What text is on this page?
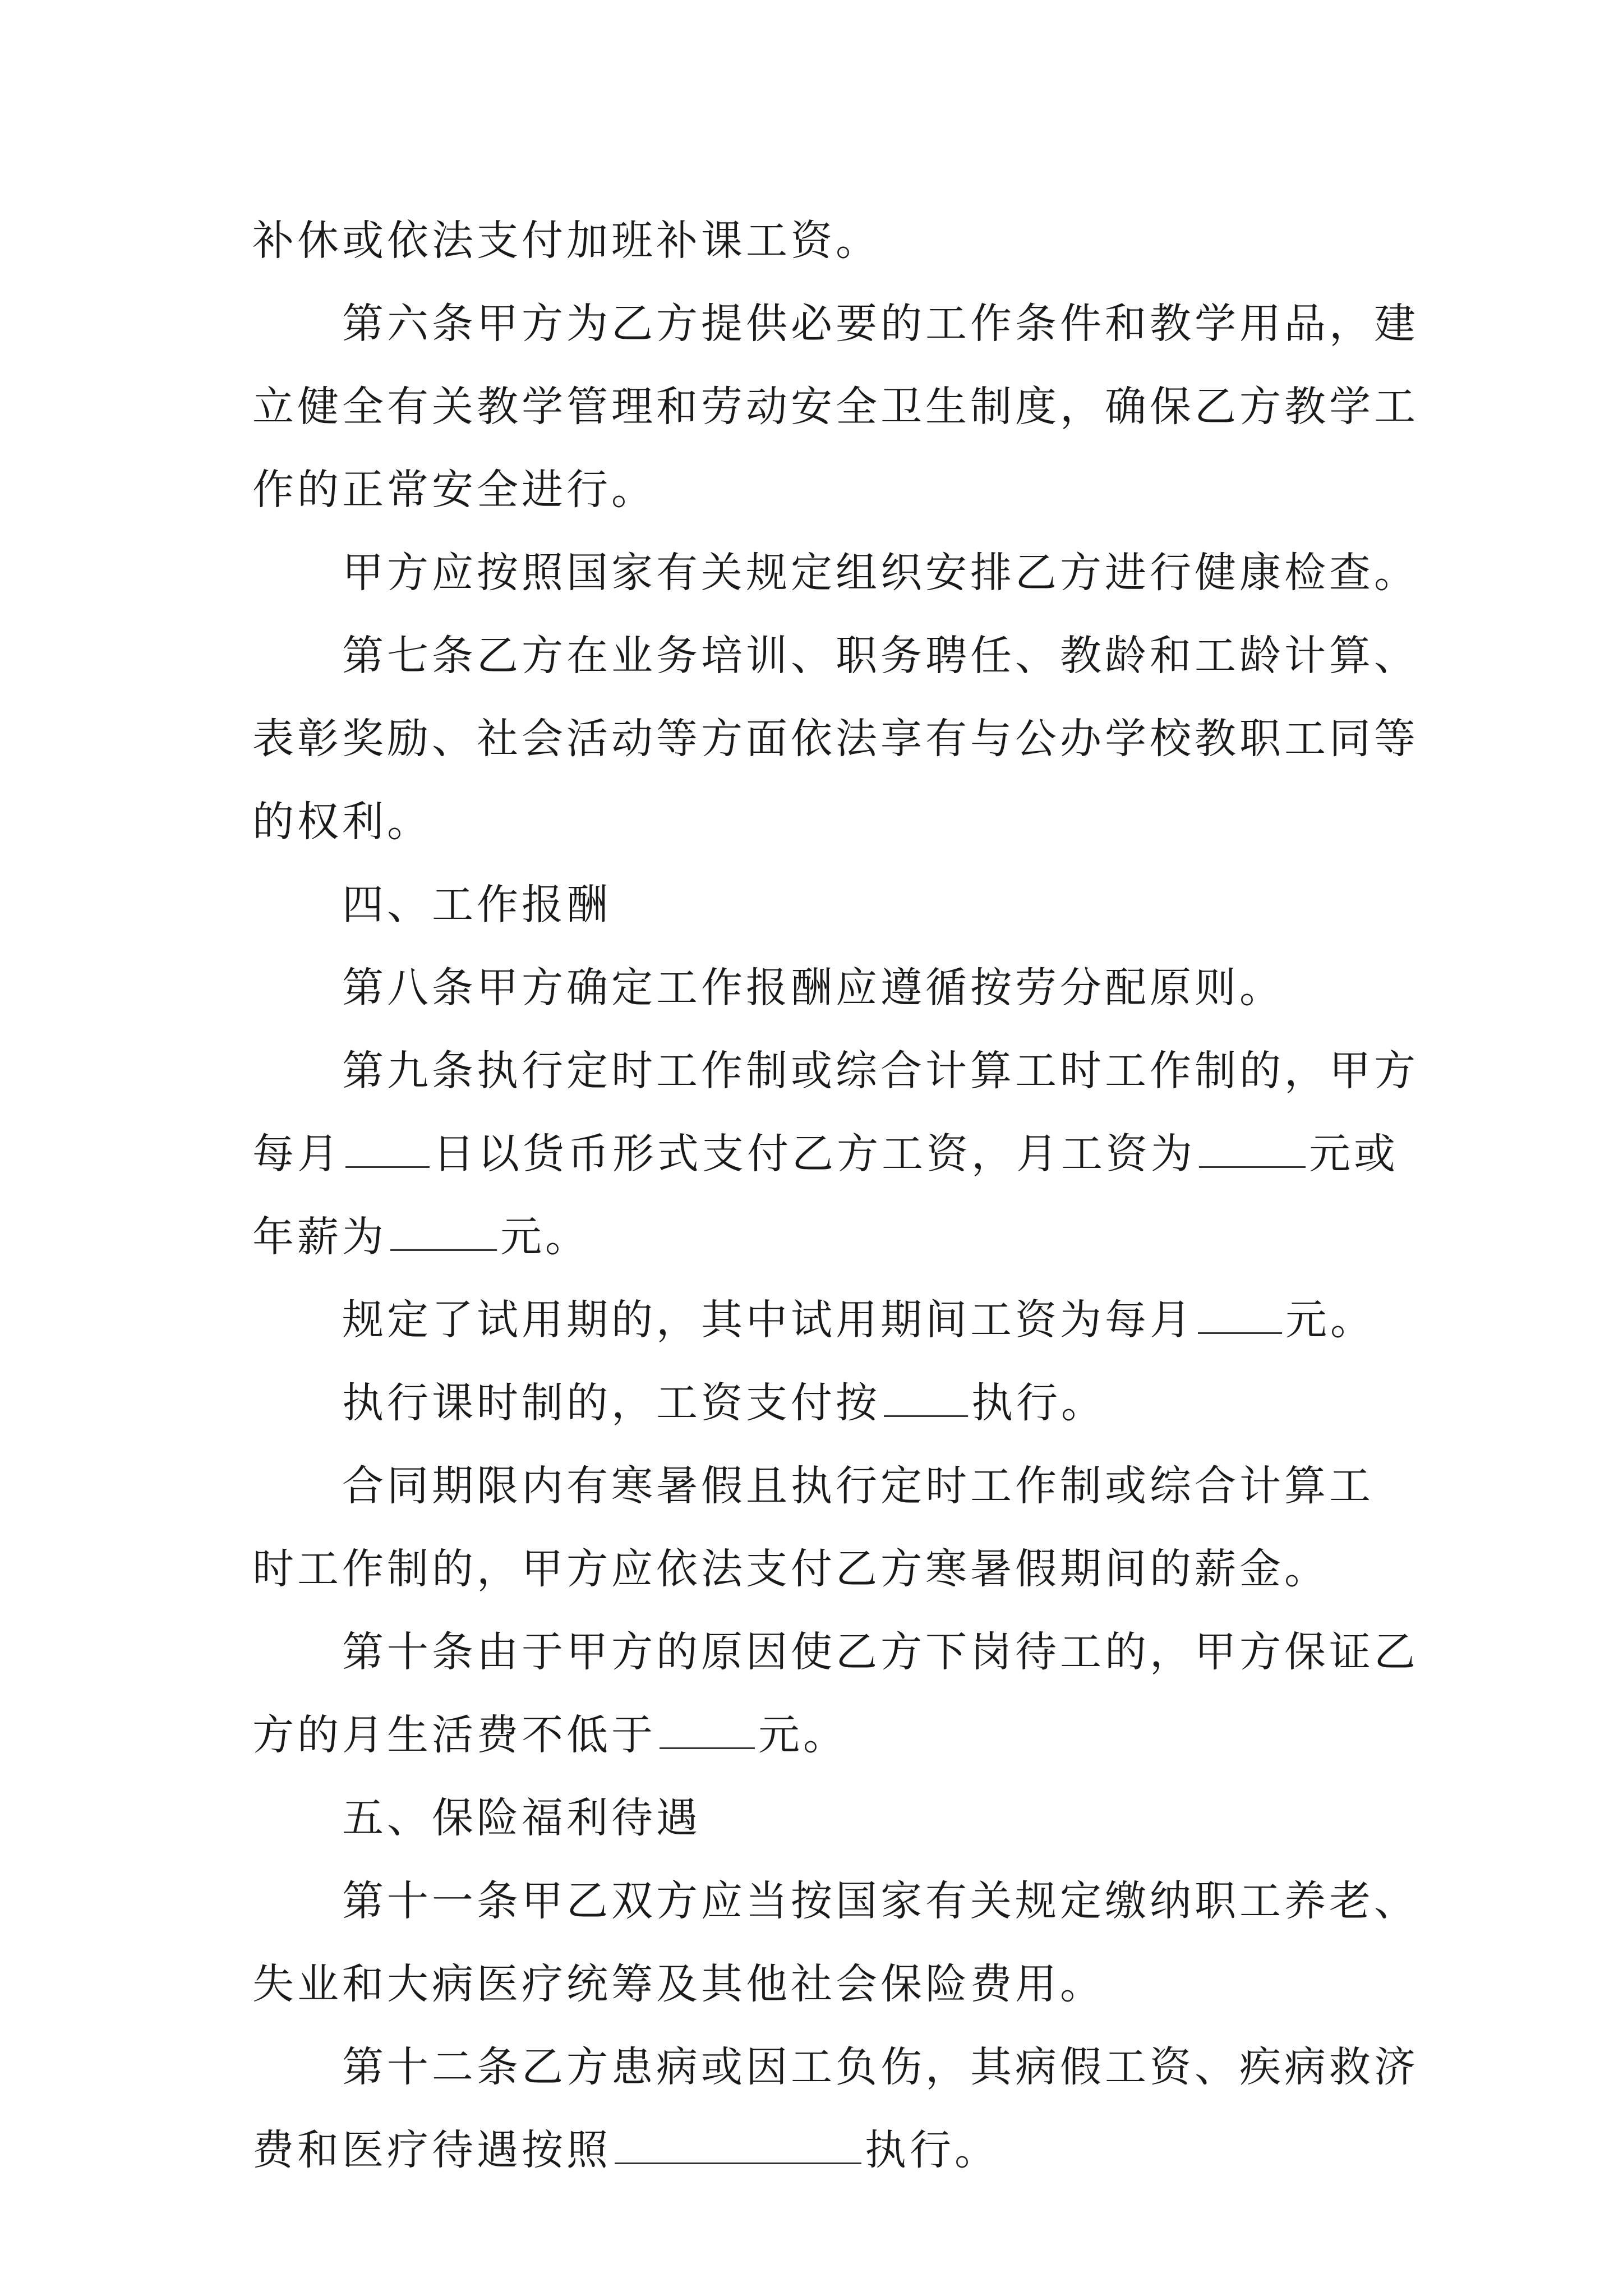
补休或依法支付加班补课工资。
第六条甲方为乙方提供必要的工作条件和教学用品，建
立健全有关教学管理和劳动安全卫生制度，确保乙方教学工
作的正常安全进行。
甲方应按照国家有关规定组织安排乙方进行健康检查。
第七条乙方在业务培训、职务聘任、教龄和工龄计算、
表彰奖励、社会活动等方面依法享有与公办学校教职工同等
的权利。
四、工作报酬
第八条甲方确定工作报酬应遵循按劳分配原则。
第九条执行定时工作制或综合计算工时工作制的，甲方
每月 日以货币形式支付乙方工资，月工资为	元或
年薪为	元。
规定了试用期的，其中试用期间工资为每月 元。
执行课时制的，工资支付按 执行。
合同期限内有寒暑假且执行定时工作制或综合计算工
时工作制的，甲方应依法支付乙方寒暑假期间的薪金。
第十条由于甲方的原因使乙方下岗待工的，甲方保证乙
方的月生活费不低于 元。
五、保险福利待遇
第十一条甲乙双方应当按国家有关规定缴纳职工养老、
失业和大病医疗统筹及其他社会保险费用。
第十二条乙方患病或因工负伤，其病假工资、疾病救济
费和医疗待遇按照	执行。
